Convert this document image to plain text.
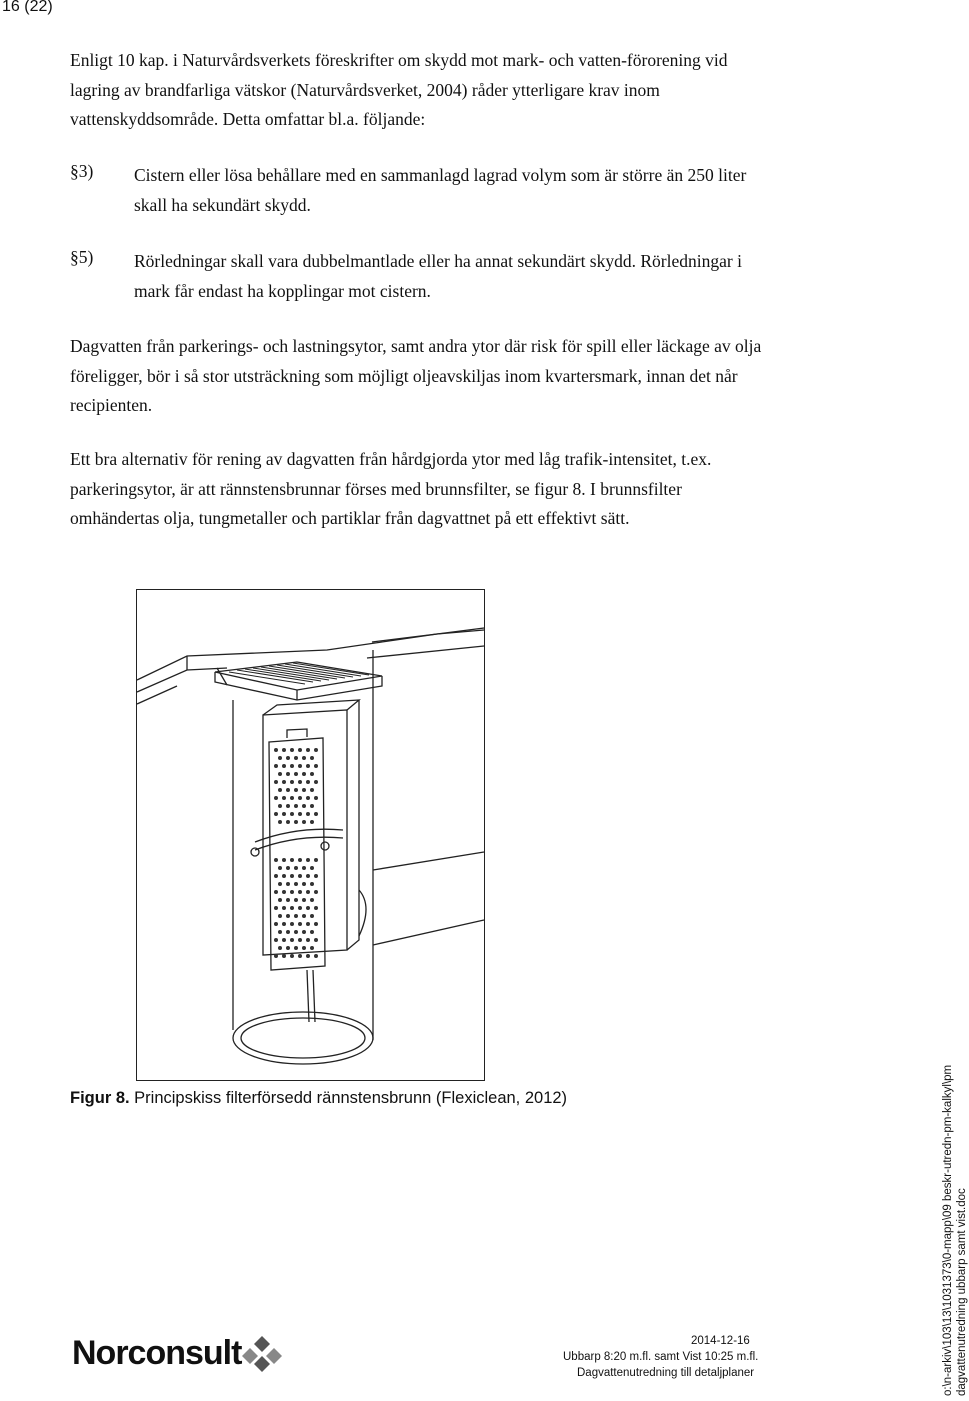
16 (22)

Enligt 10 kap. i Naturvårdsverkets föreskrifter om skydd mot mark- och vatten-förorening vid lagring av brandfarliga vätskor (Naturvårdsverket, 2004) råder ytterligare krav inom vattenskyddsområde. Detta omfattar bl.a. följande:

§3) Cistern eller lösa behållare med en sammanlagd lagrad volym som är större än 250 liter skall ha sekundärt skydd.

§5) Rörledningar skall vara dubbelmantlade eller ha annat sekundärt skydd. Rörledningar i mark får endast ha kopplingar mot cistern.

Dagvatten från parkerings- och lastningsytor, samt andra ytor där risk för spill eller läckage av olja föreligger, bör i så stor utsträckning som möjligt oljeavskiljas inom kvartersmark, innan det når recipienten.

Ett bra alternativ för rening av dagvatten från hårdgjorda ytor med låg trafik-intensitet, t.ex. parkeringsytor, är att rännstensbrunnar förses med brunnsfilter, se figur 8. I brunnsfilter omhändertas olja, tungmetaller och partiklar från dagvattnet på ett effektivt sätt.

Figur 8. Principskiss filterförsedd rännstensbrunn (Flexiclean, 2012)	o:\n-arkiv\103\13\1031373\0-mapp\09 beskr-utredn-pm-kalkyl\pm dagvattenutredning ubbarp samt vist.doc
Norconsult	2014-12-16
Ubbarp 8:20 m.fl. samt Vist 10:25 m.fl.
Dagvattenutredning till detaljplaner
